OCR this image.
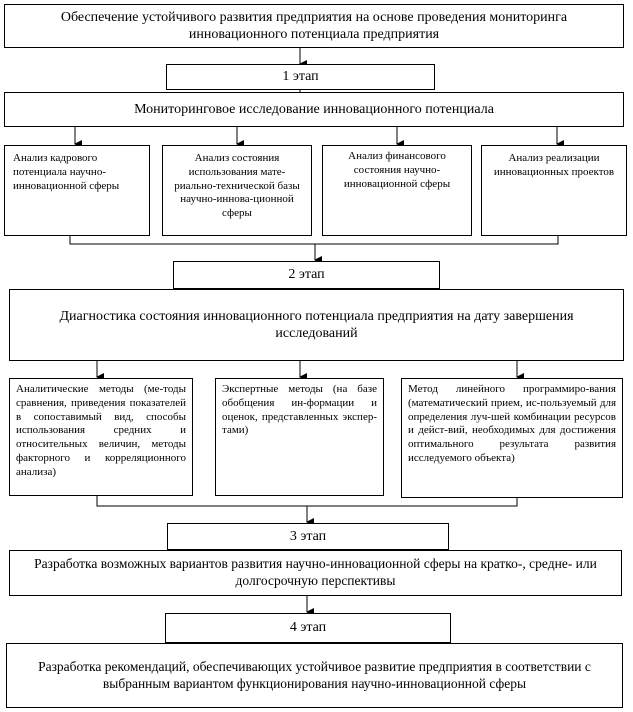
Обеспечение устойчивого развития предприятия на основе проведения мониторинга инновационного потенциала предприятия
1 этап
Мониторинговое исследование инновационного потенциала
Анализ кадрового потенциала научно-инновационной сферы
Анализ состояния использования мате-риально-технической базы научно-иннова-ционной сферы
Анализ финансового состояния научно-инновационной сферы
Анализ реализации инновационных проектов
2 этап
Диагностика состояния инновационного потенциала предприятия на дату завершения исследований
Аналитические методы (ме-тоды сравнения, приведения показателей в сопоставимый вид, способы использования средних и относительных величин, методы факторного и корреляционного анализа)
Экспертные методы (на базе обобщения ин-формации и оценок, представленных экспер-тами)
Метод линейного программиро-вания (математический прием, ис-пользуемый для определения луч-шей комбинации ресурсов и дейст-вий, необходимых для достижения оптимального результата развития исследуемого объекта)
3 этап
Разработка возможных вариантов развития научно-инновационной сферы на кратко-, средне- или долгосрочную перспективы
4 этап
Разработка рекомендаций, обеспечивающих устойчивое развитие предприятия в соответствии с выбранным вариантом функционирования научно-инновационной сферы
